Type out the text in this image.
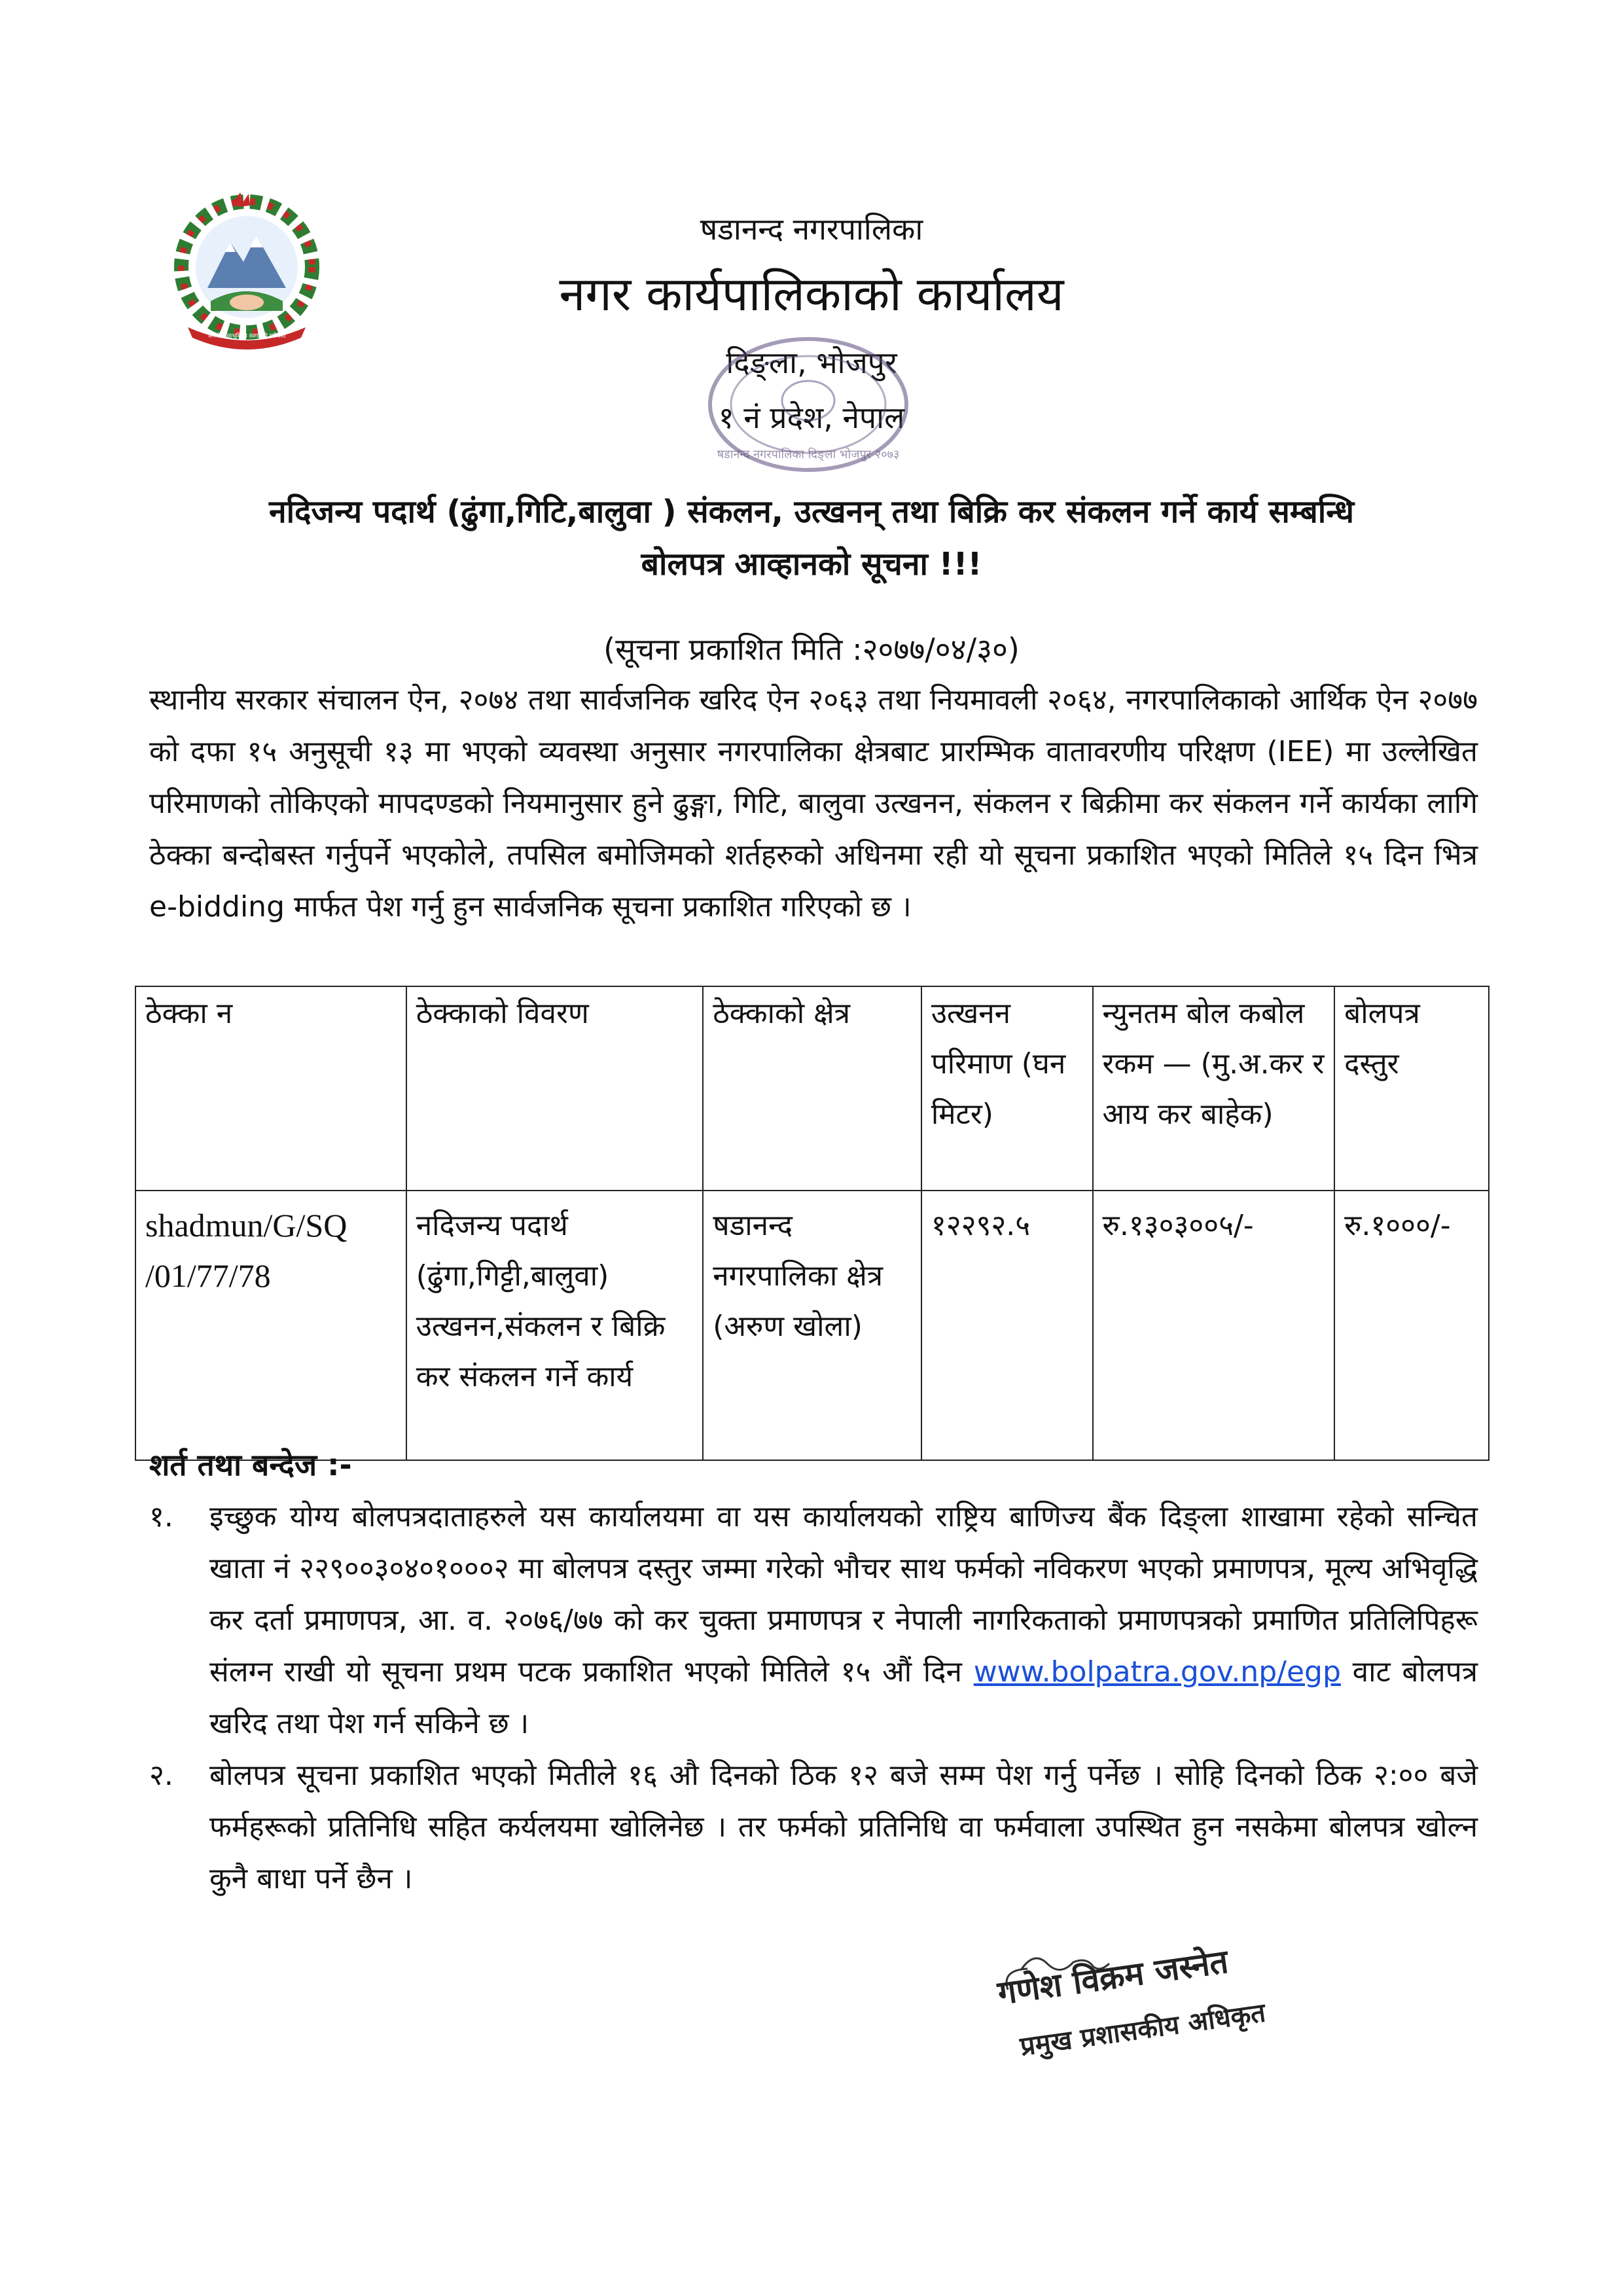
जननी जन्मभूमिश्च स्वर्गादपि गरीयसी
षडानन्द नगरपालिका
नगर कार्यपालिकाको कार्यालय
दिङ्ला, भोजपुर
१ नं प्रदेश, नेपाल
षडानन्द नगरपालिका दिङ्ला भोजपुर २०७३
नदिजन्य पदार्थ (ढुंगा,गिटि,बालुवा ) संकलन, उत्खनन् तथा बिक्रि कर संकलन गर्ने कार्य सम्बन्धि
बोलपत्र आव्हानको सूचना !!!
(सूचना प्रकाशित मिति :२०७७/०४/३०)
स्थानीय सरकार संचालन ऐन, २०७४ तथा सार्वजनिक खरिद ऐन २०६३ तथा नियमावली २०६४, नगरपालिकाको आर्थिक ऐन २०७७ को दफा १५ अनुसूची १३ मा भएको व्यवस्था अनुसार नगरपालिका क्षेत्रबाट प्रारम्भिक वातावरणीय परिक्षण (IEE) मा उल्लेखित परिमाणको तोकिएको मापदण्डको नियमानुसार हुने ढुङ्गा, गिटि, बालुवा उत्खनन, संकलन र बिक्रीमा कर संकलन गर्ने कार्यका लागि ठेक्का बन्दोबस्त गर्नुपर्ने भएकोले, तपसिल बमोजिमको शर्तहरुको अधिनमा रही यो सूचना प्रकाशित भएको मितिले १५ दिन भित्र e-bidding मार्फत पेश गर्नु हुन सार्वजनिक सूचना प्रकाशित गरिएको छ ।
ठेक्का न	ठेक्काको विवरण	ठेक्काको क्षेत्र	उत्खनन परिमाण (घन मिटर)	न्युनतम बोल कबोल रकम — (मु.अ.कर र आय कर बाहेक)	बोलपत्र दस्तुर
shadmun/G/SQ /01/77/78	नदिजन्य पदार्थ (ढुंगा,गिट्टी,बालुवा) उत्खनन,संकलन र बिक्रि कर संकलन गर्ने कार्य	षडानन्द नगरपालिका क्षेत्र (अरुण खोला)	१२२९२.५	रु.१३०३००५/-	रु.१०००/-
शर्त तथा बन्देज :-
१. इच्छुक योग्य बोलपत्रदाताहरुले यस कार्यालयमा वा यस कार्यालयको राष्ट्रिय बाणिज्य बैंक दिङ्ला शाखामा रहेको सन्चित खाता नं २२९००३०४०१०००२ मा बोलपत्र दस्तुर जम्मा गरेको भौचर साथ फर्मको नविकरण भएको प्रमाणपत्र, मूल्य अभिवृद्धि कर दर्ता प्रमाणपत्र, आ. व. २०७६/७७ को कर चुक्ता प्रमाणपत्र र नेपाली नागरिकताको प्रमाणपत्रको प्रमाणित प्रतिलिपिहरू संलग्न राखी यो सूचना प्रथम पटक प्रकाशित भएको मितिले १५ औं दिन www.bolpatra.gov.np/egp वाट बोलपत्र खरिद तथा पेश गर्न सकिने छ ।
२. बोलपत्र सूचना प्रकाशित भएको मितीले १६ औ दिनको ठिक १२ बजे सम्म पेश गर्नु पर्नेछ । सोहि दिनको ठिक २:०० बजे फर्महरूको प्रतिनिधि सहित कर्यलयमा खोलिनेछ । तर फर्मको प्रतिनिधि वा फर्मवाला उपस्थित हुन नसकेमा बोलपत्र खोल्न कुनै बाधा पर्ने छैन ।
गणेश विक्रम जस्नेत
प्रमुख प्रशासकीय अधिकृत
